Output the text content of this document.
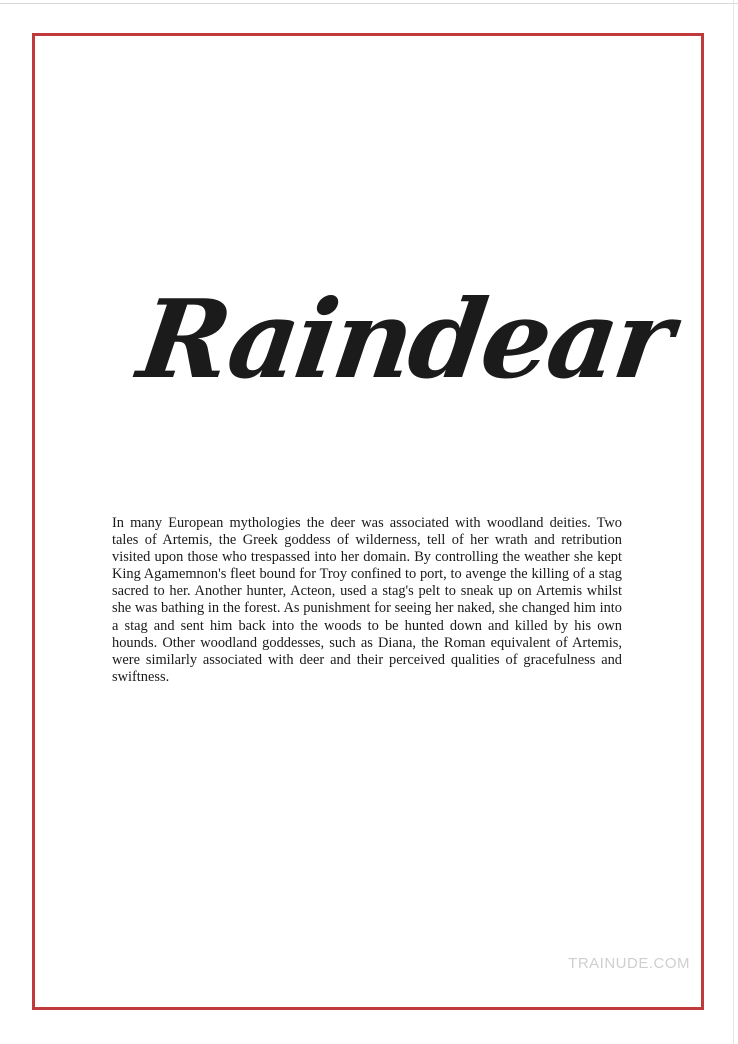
Raindear

In many European mythologies the deer was associated with woodland deities. Two tales of Artemis, the Greek goddess of wilderness, tell of her wrath and retribution visited upon those who trespassed into her domain. By controlling the weather she kept King Agamemnon's fleet bound for Troy confined to port, to avenge the killing of a stag sacred to her. Another hunter, Acteon, used a stag's pelt to sneak up on Artemis whilst she was bathing in the forest. As punishment for seeing her naked, she changed him into a stag and sent him back into the woods to be hunted down and killed by his own hounds. Other woodland goddesses, such as Diana, the Roman equivalent of Artemis, were similarly associated with deer and their perceived qualities of gracefulness and swiftness.

TRAINUDE.COM
